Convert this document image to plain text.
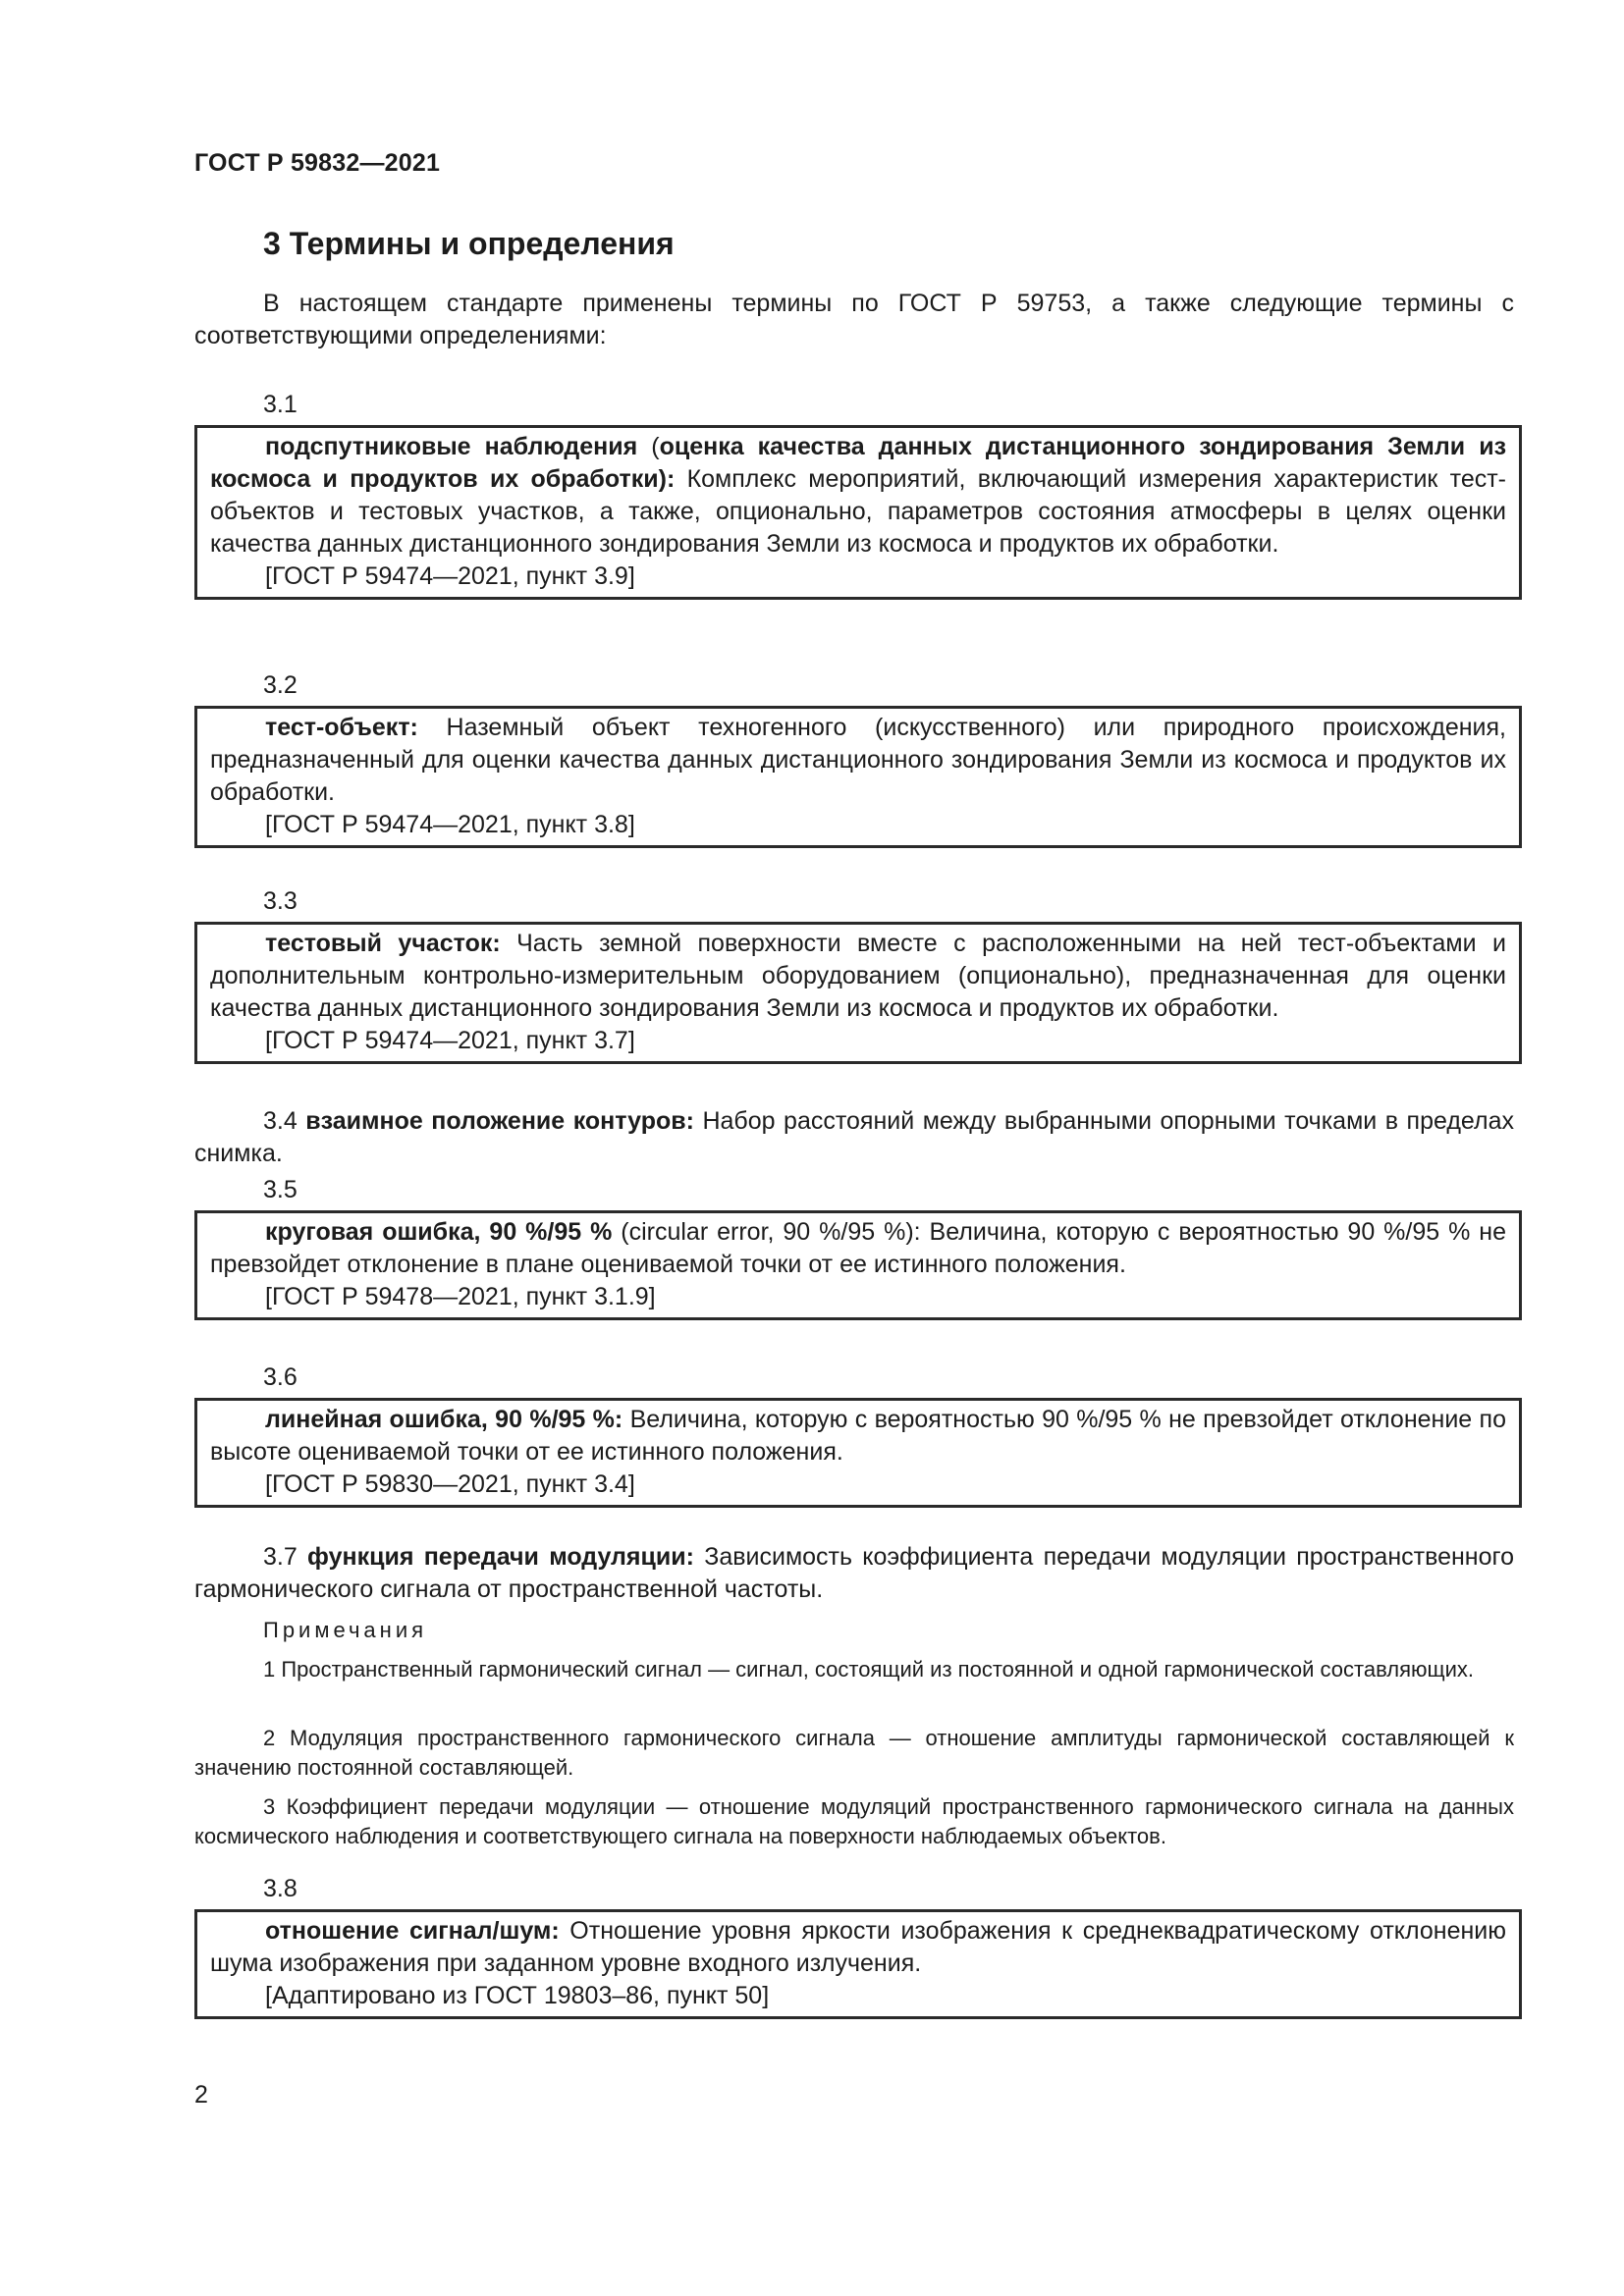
ГОСТ Р 59832—2021
3 Термины и определения
В настоящем стандарте применены термины по ГОСТ Р 59753, а также следующие термины с соответствующими определениями:
3.1
подспутниковые наблюдения (оценка качества данных дистанционного зондирования Земли из космоса и продуктов их обработки): Комплекс мероприятий, включающий измерения характеристик тест-объектов и тестовых участков, а также, опционально, параметров состояния атмосферы в целях оценки качества данных дистанционного зондирования Земли из космоса и продуктов их обработки.
[ГОСТ Р 59474—2021, пункт 3.9]
3.2
тест-объект: Наземный объект техногенного (искусственного) или природного происхождения, предназначенный для оценки качества данных дистанционного зондирования Земли из космоса и продуктов их обработки.
[ГОСТ Р 59474—2021, пункт 3.8]
3.3
тестовый участок: Часть земной поверхности вместе с расположенными на ней тест-объектами и дополнительным контрольно-измерительным оборудованием (опционально), предназначенная для оценки качества данных дистанционного зондирования Земли из космоса и продуктов их обработки.
[ГОСТ Р 59474—2021, пункт 3.7]
3.4 взаимное положение контуров: Набор расстояний между выбранными опорными точками в пределах снимка.
3.5
круговая ошибка, 90 %/95 % (circular error, 90 %/95 %): Величина, которую с вероятностью 90 %/95 % не превзойдет отклонение в плане оцениваемой точки от ее истинного положения.
[ГОСТ Р 59478—2021, пункт 3.1.9]
3.6
линейная ошибка, 90 %/95 %: Величина, которую с вероятностью 90 %/95 % не превзойдет отклонение по высоте оцениваемой точки от ее истинного положения.
[ГОСТ Р 59830—2021, пункт 3.4]
3.7 функция передачи модуляции: Зависимость коэффициента передачи модуляции пространственного гармонического сигнала от пространственной частоты.
Примечания
1 Пространственный гармонический сигнал — сигнал, состоящий из постоянной и одной гармонической составляющих.
2 Модуляция пространственного гармонического сигнала — отношение амплитуды гармонической составляющей к значению постоянной составляющей.
3 Коэффициент передачи модуляции — отношение модуляций пространственного гармонического сигнала на данных космического наблюдения и соответствующего сигнала на поверхности наблюдаемых объектов.
3.8
отношение сигнал/шум: Отношение уровня яркости изображения к среднеквадратическому отклонению шума изображения при заданном уровне входного излучения.
[Адаптировано из ГОСТ 19803–86, пункт 50]
2
